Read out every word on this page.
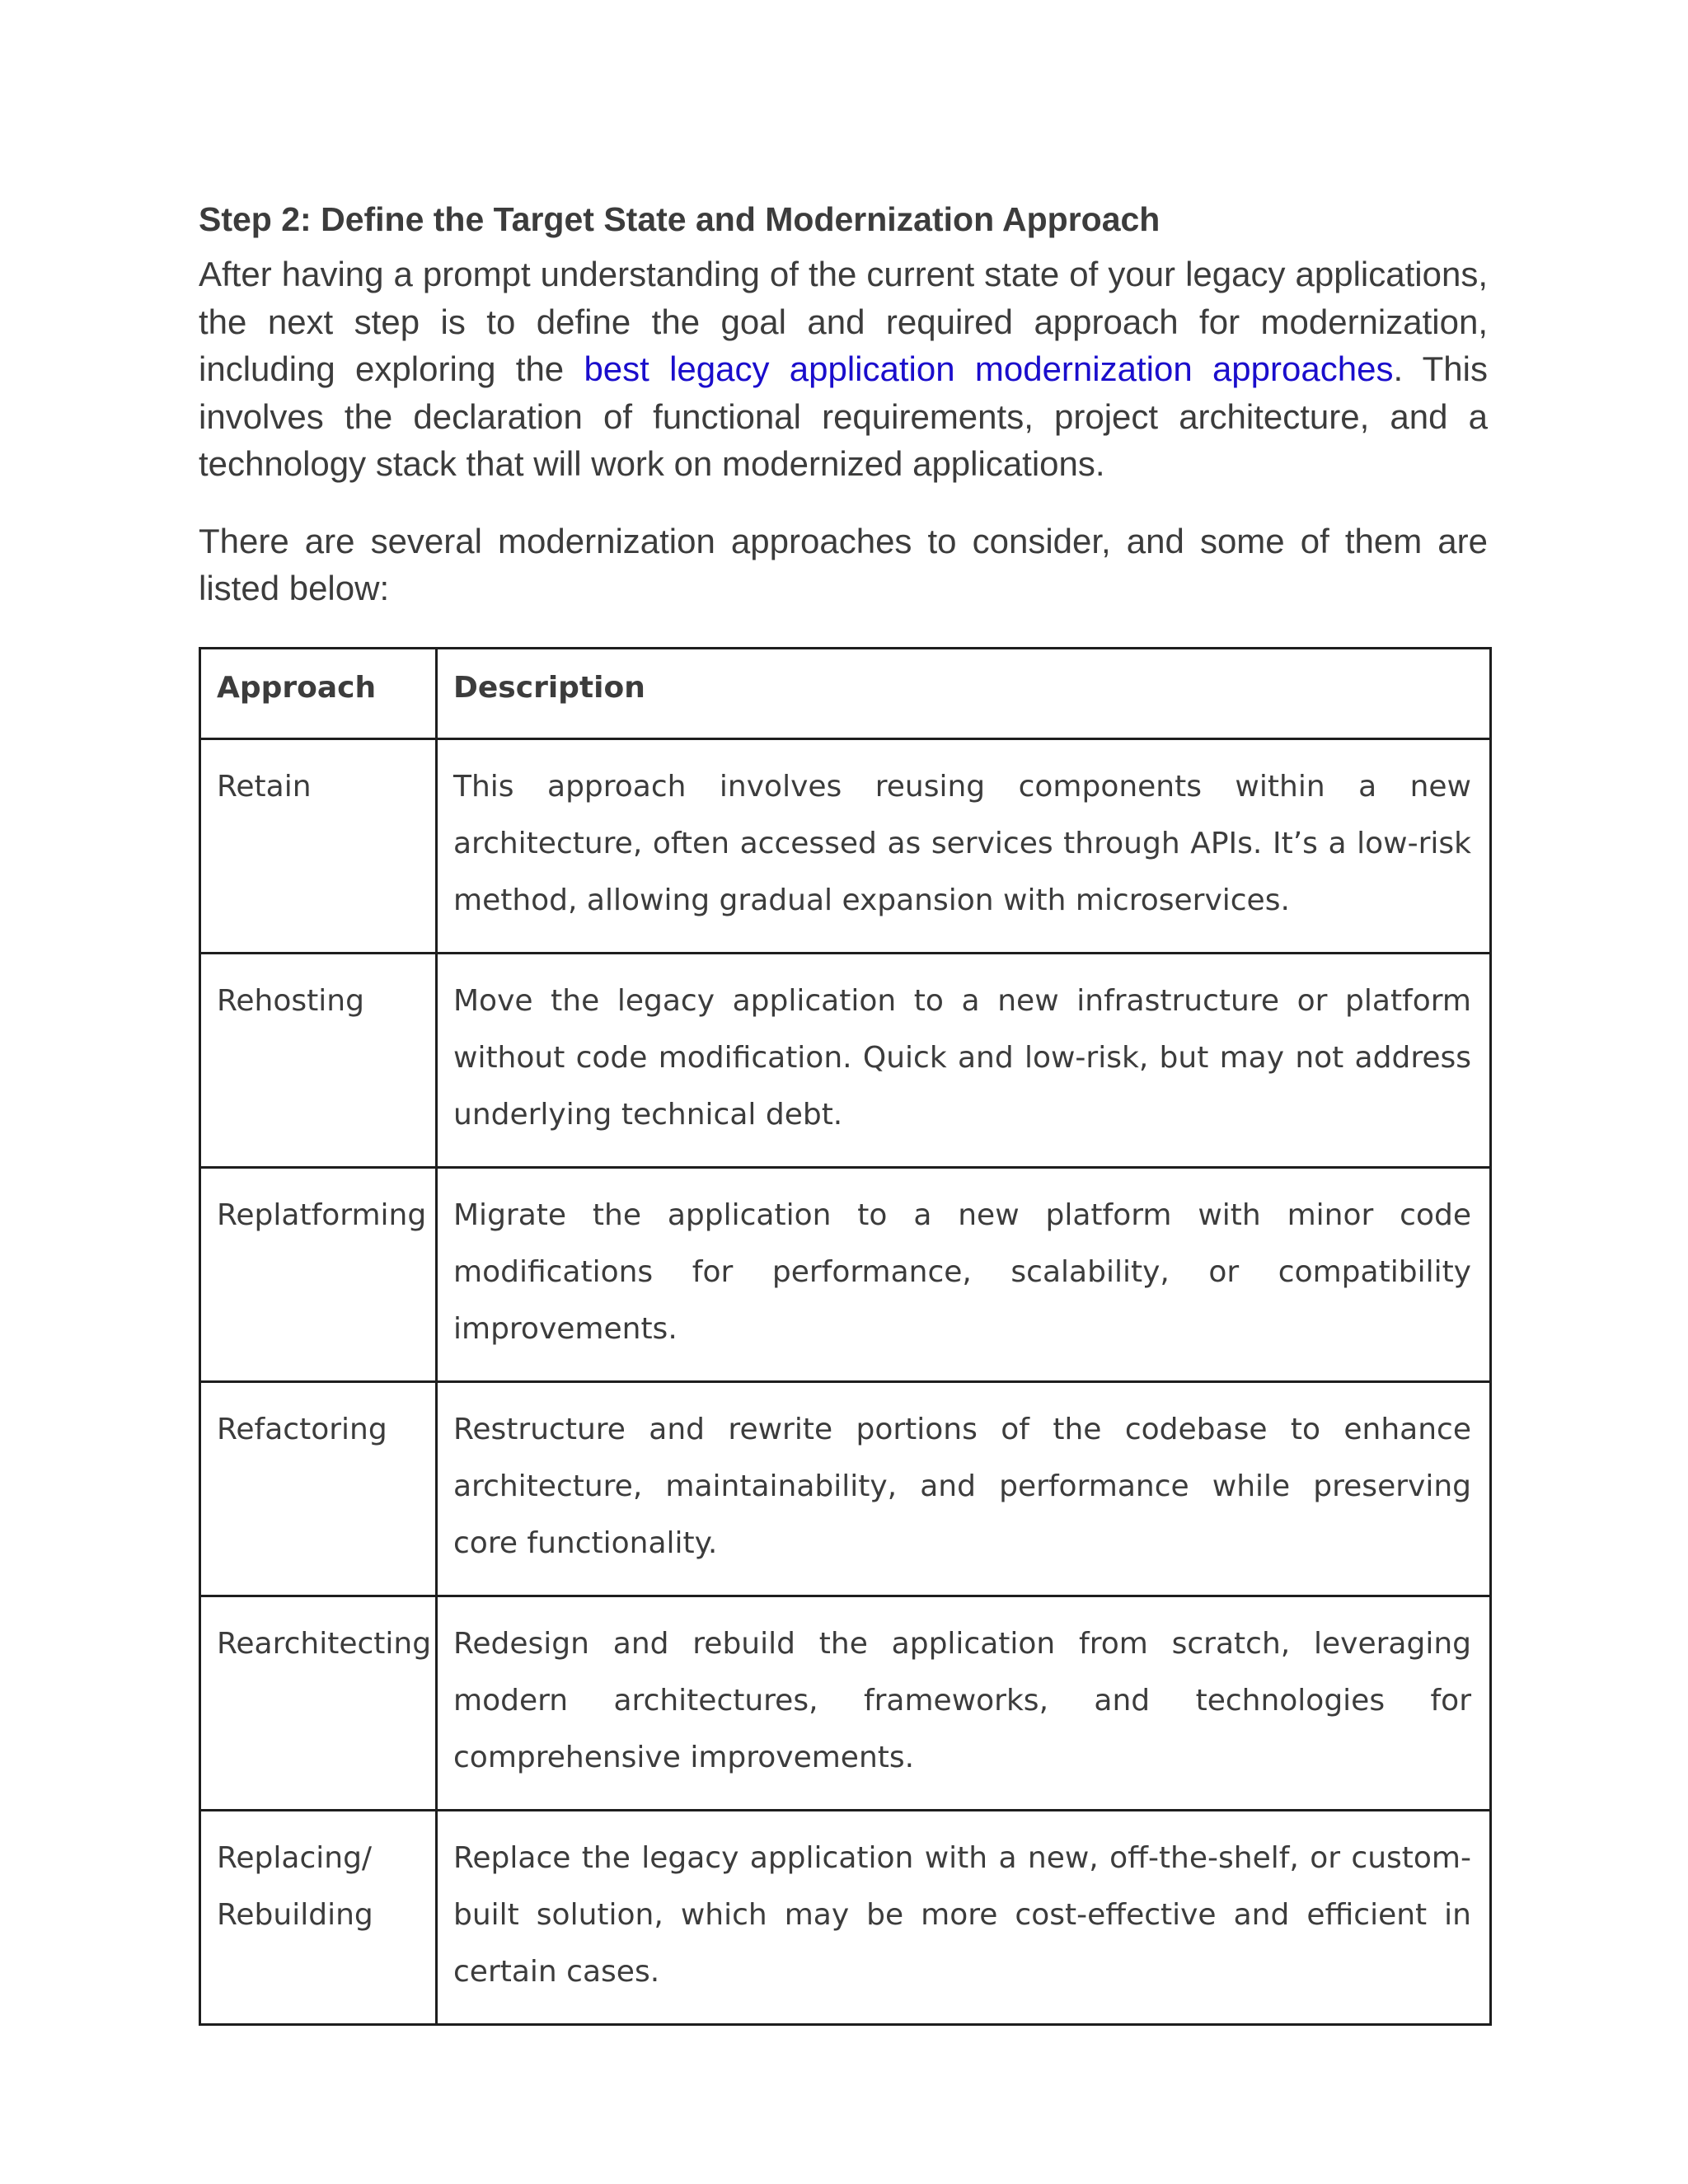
Step 2: Define the Target State and Modernization Approach

After having a prompt understanding of the current state of your legacy applications, the next step is to define the goal and required approach for modernization, including exploring the best legacy application modernization approaches. This involves the declaration of functional requirements, project architecture, and a technology stack that will work on modernized applications.

There are several modernization approaches to consider, and some of them are listed below:

Approach	Description

Retain	This approach involves reusing components within a new architecture, often accessed as services through APIs. It’s a low-risk method, allowing gradual expansion with microservices.
Rehosting	Move the legacy application to a new infrastructure or platform without code modification. Quick and low-risk, but may not address underlying technical debt.
Replatforming	Migrate the application to a new platform with minor code modifications for performance, scalability, or compatibility improvements.
Refactoring	Restructure and rewrite portions of the codebase to enhance architecture, maintainability, and performance while preserving core functionality.
Rearchitecting	Redesign and rebuild the application from scratch, leveraging modern architectures, frameworks, and technologies for comprehensive improvements.
Replacing/ Rebuilding	Replace the legacy application with a new, off-the-shelf, or custom-built solution, which may be more cost-effective and efficient in certain cases.
